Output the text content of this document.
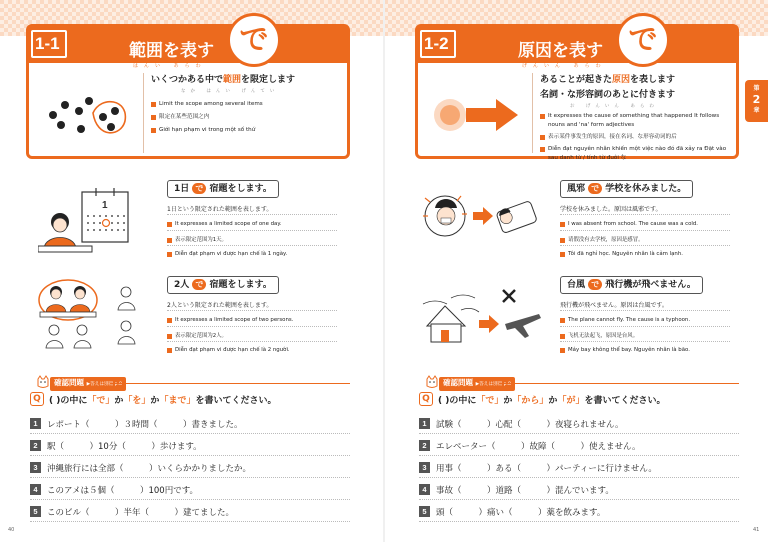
1-1	範囲を表す
はんい あらわ
で
いくつかある中で範囲を限定します
なか はんい げんてい
Limit the scope among several items
限定在某些范围之内
Giới hạn phạm vi trong một số thứ
1
1日 で 宿題をします。
1日という限定された範囲を表します。
It expresses a limited scope of one day.
表示限定范围为1天。
Diễn đạt phạm vi được hạn chế là 1 ngày.
2人 で 宿題をします。
2人という限定された範囲を表します。
It expresses a limited scope of two persons.
表示限定范围为2人。
Diễn đạt phạm vi được hạn chế là 2 người.
確認問題 ▶答えは別冊 p.8
Q ( )の中に「で」か「を」か「まで」を書いてください。
1	レポート（　　　）３時間（　　　）書きました。
2	駅（　　　）10分（　　　）歩けます。
3	沖縄旅行には全部（　　　）いくらかかりましたか。
4	このアメは５個（　　　）100円です。
5	このビル（　　　）半年（　　　）建てました。
40
1-2	原因を表す
げんいん あらわ
で
あることが起きた原因を表します
名詞・な形容詞のあとに付きます
お げんいん あらわ
It expresses the cause of something that happened It follows nouns and 'na' form adjectives
表示某件事发生的原因，接在名词、な形容动词的后
Diễn đạt nguyên nhân khiến một việc nào đó đã xảy ra Đặt vào sau danh từ / tính từ đuôi な
第
2
章
風邪 で 学校を休みました。
学校を休みました。原因は風邪です。
I was absent from school. The cause was a cold.
请假没有去学校，原因是感冒。
Tôi đã nghỉ học. Nguyên nhân là cảm lạnh.
台風 で 飛行機が飛べません。
飛行機が飛べません。原因は台風です。
The plane cannot fly. The cause is a typhoon.
飞机无法起飞，原因是台风。
Máy bay không thể bay. Nguyên nhân là bão.
確認問題 ▶答えは別冊 p.8
Q ( )の中に「で」か「から」か「が」を書いてください。
1	試験（　　　）心配（　　　）夜寝られません。
2	エレベーター（　　　）故障（　　　）使えません。
3	用事（　　　）ある（　　　）パーティーに行けません。
4	事故（　　　）道路（　　　）混んでいます。
5	頭（　　　）痛い（　　　）薬を飲みます。
41
